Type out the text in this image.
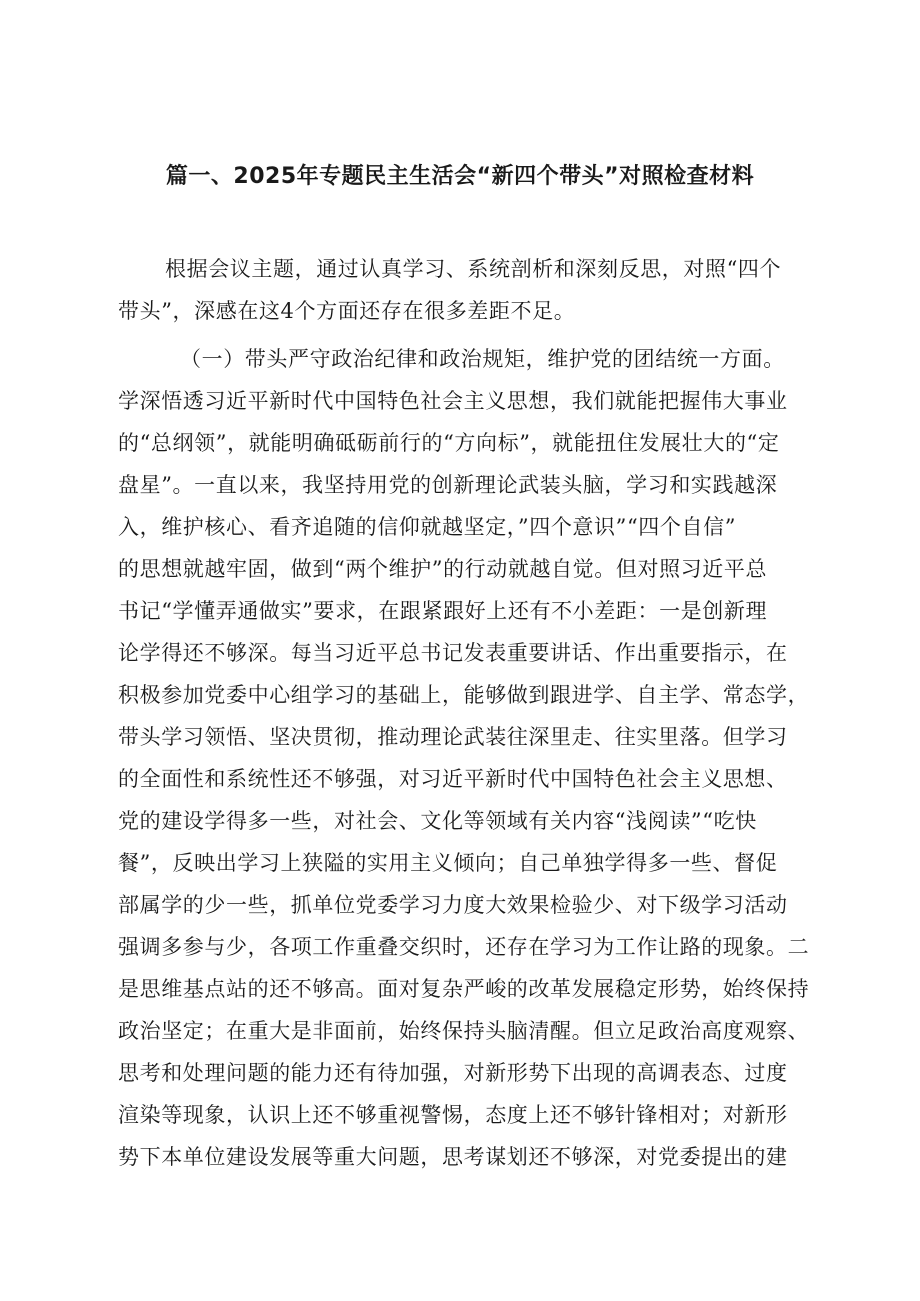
篇一、2025年专题民主生活会“新四个带头”对照检查材料
根据会议主题，通过认真学习、系统剖析和深刻反思，对照“四个
带头”，深感在这4个方面还存在很多差距不足。
（一）带头严守政治纪律和政治规矩，维护党的团结统一方面。
学深悟透习近平新时代中国特色社会主义思想，我们就能把握伟大事业
的“总纲领”，就能明确砥砺前行的“方向标”，就能扭住发展壮大的“定
盘星”。一直以来，我坚持用党的创新理论武装头脑，学习和实践越深
入，维护核心、看齐追随的信仰就越坚定，”四个意识”“四个自信”
的思想就越牢固，做到“两个维护”的行动就越自觉。但对照习近平总
书记“学懂弄通做实”要求，在跟紧跟好上还有不小差距：一是创新理
论学得还不够深。每当习近平总书记发表重要讲话、作出重要指示，在
积极参加党委中心组学习的基础上，能够做到跟进学、自主学、常态学，
带头学习领悟、坚决贯彻，推动理论武装往深里走、往实里落。但学习
的全面性和系统性还不够强，对习近平新时代中国特色社会主义思想、
党的建设学得多一些，对社会、文化等领域有关内容“浅阅读”“吃快
餐”，反映出学习上狭隘的实用主义倾向；自己单独学得多一些、督促
部属学的少一些，抓单位党委学习力度大效果检验少、对下级学习活动
强调多参与少，各项工作重叠交织时，还存在学习为工作让路的现象。二
是思维基点站的还不够高。面对复杂严峻的改革发展稳定形势，始终保持
政治坚定；在重大是非面前，始终保持头脑清醒。但立足政治高度观察、
思考和处理问题的能力还有待加强，对新形势下出现的高调表态、过度
渲染等现象，认识上还不够重视警惕，态度上还不够针锋相对；对新形
势下本单位建设发展等重大问题，思考谋划还不够深，对党委提出的建
